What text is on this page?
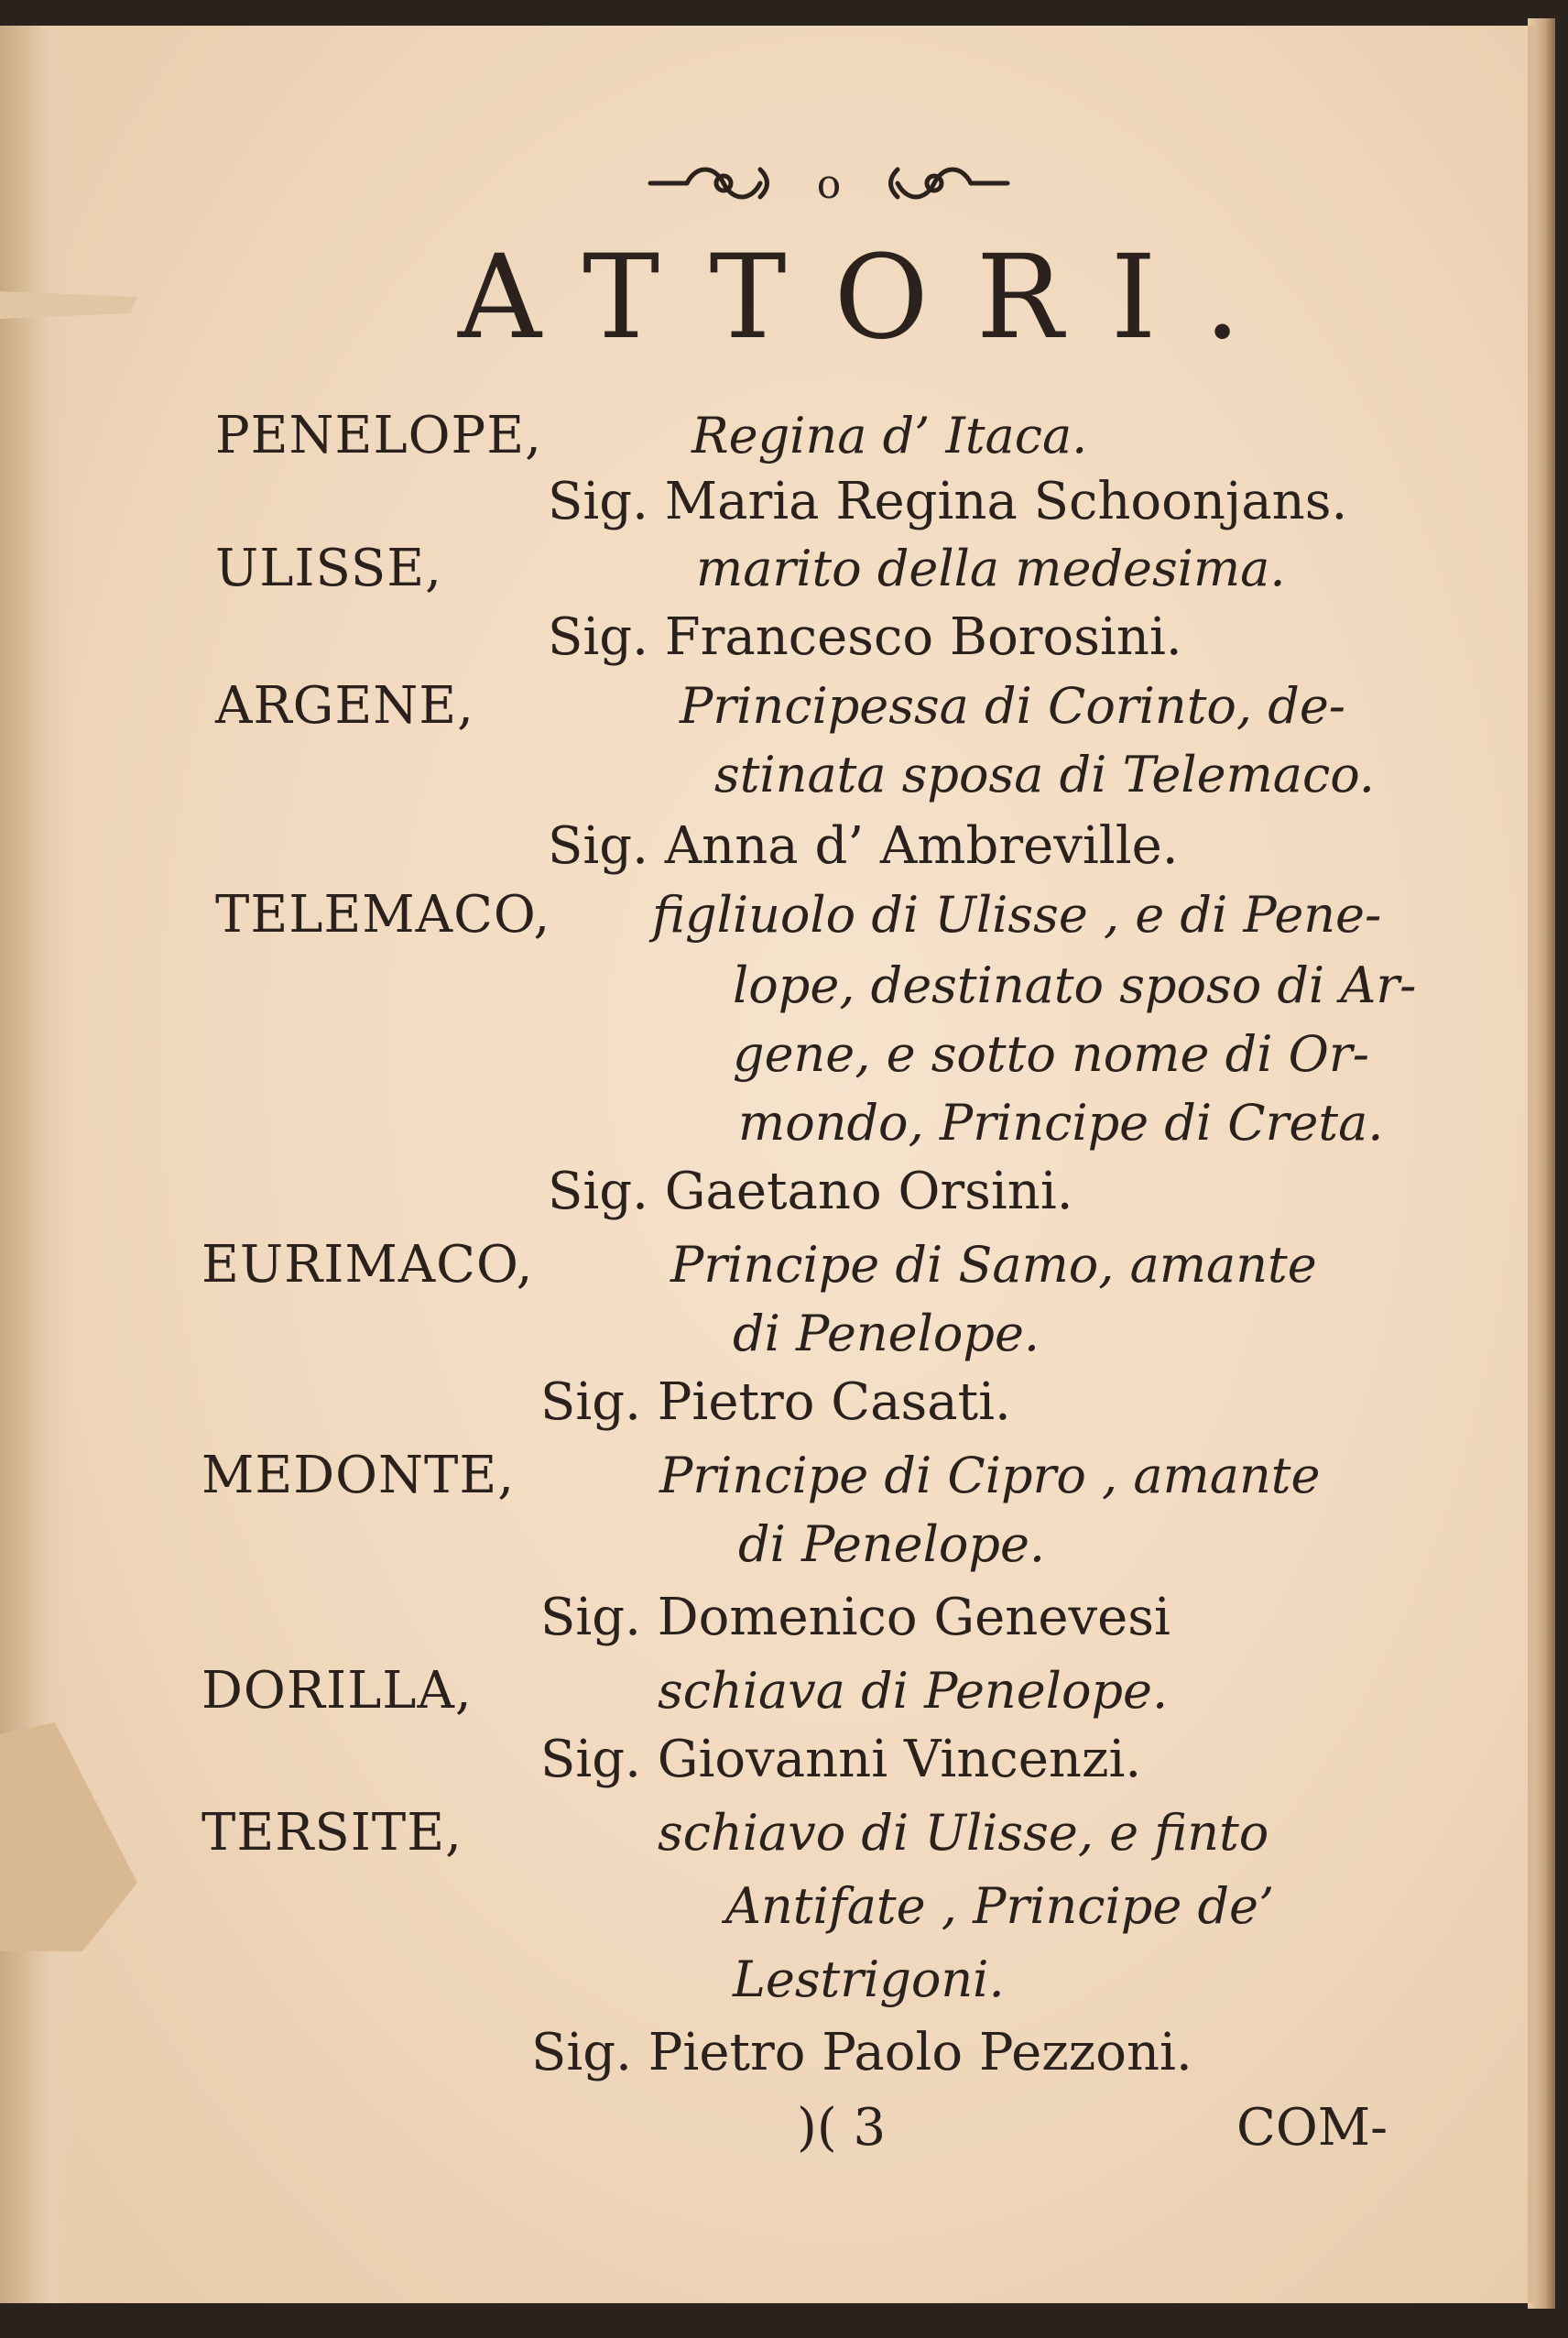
o
ATTORI.
PENELOPE,	Regina d’ Itaca.
Sig. Maria Regina Schoonjans.
ULISSE,	marito della medesima.
Sig. Francesco Borosini.
ARGENE,	Principessa di Corinto, de-
stinata sposa di Telemaco.
Sig. Anna d’ Ambreville.
TELEMACO, figliuolo di Ulisse , e di Pene-
lope, destinato sposo di Ar-
gene, e sotto nome di Or-
mondo, Principe di Creta.
Sig. Gaetano Orsini.
EURIMACO,	Principe di Samo, amante
di Penelope.
Sig. Pietro Casati.
MEDONTE,	Principe di Cipro , amante
di Penelope.
Sig. Domenico Genevesi
DORILLA,	schiava di Penelope.
Sig. Giovanni Vincenzi.
TERSITE,	schiavo di Ulisse, e finto
Antifate , Principe de’
Lestrigoni.
Sig. Pietro Paolo Pezzoni.
)( 3	COM-
